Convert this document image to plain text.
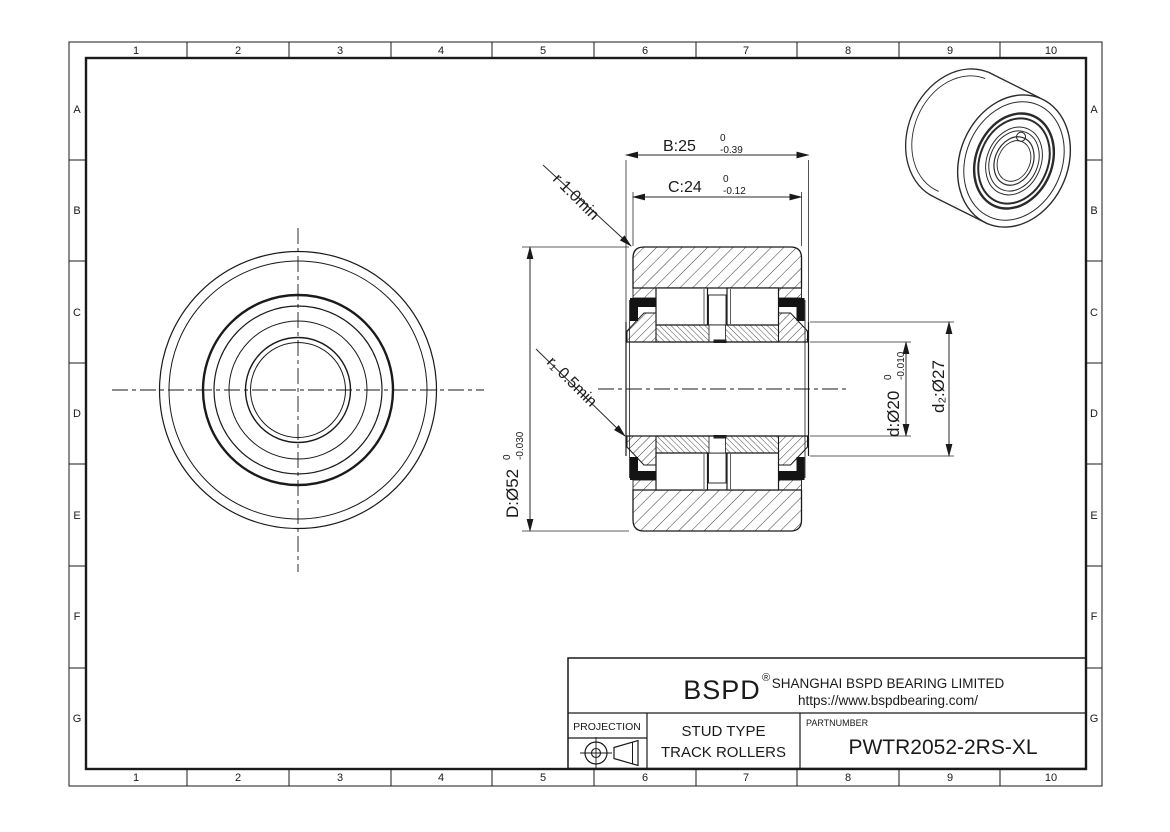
1	2	3	4	5	6	7	8	9	10
1	2	3	4	5	6	7	8	9	10
A
B
C
D
E
F
G
A
B
C
D
E
F
G
B:25 0
-0.39
C:24 0
-0.12
D:Ø52
0 -0.030
d:Ø20
0 -0.010 d₂:Ø27
r 1.0min
r₁ 0.5min
BSPD ® SHANGHAI BSPD BEARING LIMITED
https://www.bspdbearing.com/
PROJECTION	STUD TYPE
TRACK ROLLERS
PARTNUMBER
PWTR2052-2RS-XL
